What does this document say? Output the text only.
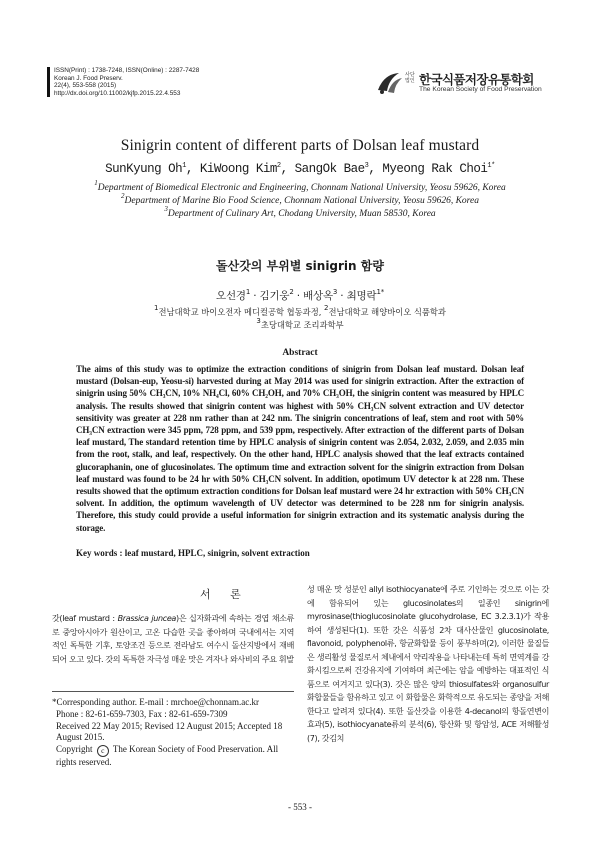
ISSN(Print) : 1738-7248, ISSN(Online) : 2287-7428
Korean J. Food Preserv.
22(4), 553-558 (2015)
http://dx.doi.org/10.11002/kjfp.2015.22.4.553
사단 법인 한국식품저장유통학회
The Korean Society of Food Preservation
Sinigrin content of different parts of Dolsan leaf mustard
SunKyung Oh$^1$, KiWoong Kim$^2$, SangOk Bae$^3$, Myeong Rak Choi$^{1*}$
$^1$Department of Biomedical Electronic and Engineering, Chonnam National University, Yeosu 59626, Korea
$^2$Department of Marine Bio Food Science, Chonnam National University, Yeosu 59626, Korea
$^3$Department of Culinary Art, Chodang University, Muan 58530, Korea
돌산갓의 부위별 sinigrin 함량
오선경$^1$ · 김기웅$^2$ · 배상옥$^3$ · 최명락$^{1*}$
$^1$전남대학교 바이오전자 메디컬공학 협동과정, $^2$전남대학교 해양바이오 식품학과
$^3$초당대학교 조리과학부
Abstract
The aims of this study was to optimize the extraction conditions of sinigrin from Dolsan leaf mustard. Dolsan leaf mustard (Dolsan-eup, Yeosu-si) harvested during at May 2014 was used for sinigrin extraction. After the extraction of sinigrin using 50% CH₃CN, 10% NH₄Cl, 60% CH₂OH, and 70% CH₃OH, the sinigrin content was measured by HPLC analysis. The results showed that sinigrin content was highest with 50% CH₃CN solvent extraction and UV detector sensitivity was greater at 228 nm rather than at 242 nm. The sinigrin concentrations of leaf, stem and root with 50% CH₃CN extraction were 345 ppm, 728 ppm, and 539 ppm, respectively. After extraction of the different parts of Dolsan leaf mustard, The standard retention time by HPLC analysis of sinigrin content was 2.054, 2.032, 2.059, and 2.035 min from the root, stalk, and leaf, respectively. On the other hand, HPLC analysis showed that the leaf extracts contained glucoraphanin, one of glucosinolates. The optimum time and extraction solvent for the sinigrin extraction from Dolsan leaf mustard was found to be 24 hr with 50% CH₃CN solvent. In addition, opotimum UV detector k at 228 nm. These results showed that the optimum extraction conditions for Dolsan leaf mustard were 24 hr extraction with 50% CH₃CN solvent. In addition, the optimum wavelength of UV detector was determined to be 228 nm for sinigrin analysis. Therefore, this study could provide a useful information for sinigrin extraction and its systematic analysis during the storage.
Key words : leaf mustard, HPLC, sinigrin, solvent extraction
서 론

갓(leaf mustard : Brassica juncea)은 십자화과에 속하는 경엽 채소류로 중앙아시아가 원산이고, 고온 다습한 곳을 좋아하며 국내에서는 지역적인 독특한 기후, 토양조건 등으로 전라남도 여수시 돌산지방에서 재배되어 오고 있다. 갓의 독특한 자극성 매운 맛은 겨자나 와사비의 주요 휘발

성 매운 맛 성분인 allyl isothiocyanate에 주로 기인하는 것으로 이는 갓에 함유되어 있는 glucosinolates의 일종인 sinigrin에 myrosinase(thioglucosinolate glucohydrolase, EC 3.2.3.1)가 작용하여 생성된다(1). 또한 갓은 식품성 2차 대사산물인 glucosinolate, flavonoid, polyphenol류, 항균화합물 등이 풍부하며(2), 이러한 물질들은 생리활성 물질로서 체내에서 약리작용을 나타내는데 특히 면역계를 강화시킴으로써 건강유지에 기여하며 최근에는 암을 예방하는 대표적인 식품으로 여겨지고 있다(3). 갓은 많은 양의 thiosulfates와 organosulfur 화합물들을 함유하고 있고 이 화합물은 화학적으로 유도되는 종양을 저해한다고 알려져 있다(4). 또한 돌산갓을 이용한 4-decanol의 항돌연변이 효과(5), isothiocyanate류의 분석(6), 항산화 및 항암성, ACE 저해활성(7), 갓김치

*Corresponding author. E-mail : mrchoe@chonnam.ac.kr
Phone : 82-61-659-7303, Fax : 82-61-659-7309
Received 22 May 2015; Revised 12 August 2015; Accepted 18 August 2015.
Copyright c The Korean Society of Food Preservation. All rights reserved.
- 553 -
